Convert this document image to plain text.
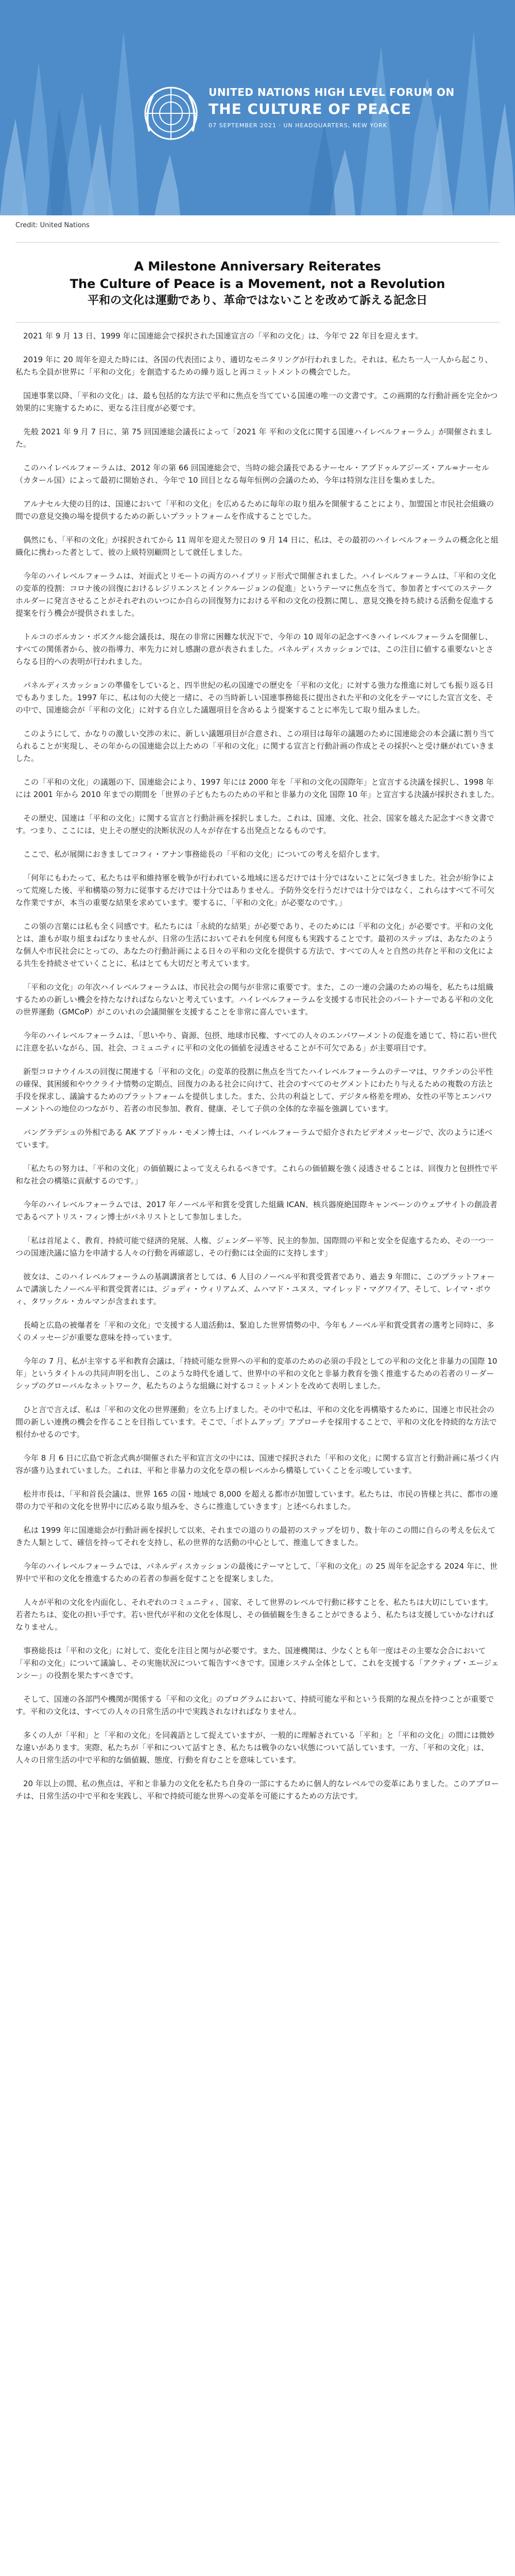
UNITED NATIONS HIGH LEVEL FORUM ON
THE CULTURE OF PEACE
07 SEPTEMBER 2021 · UN HEADQUARTERS, NEW YORK
Credit: United Nations
A Milestone Anniversary Reiterates
The Culture of Peace is a Movement, not a Revolution
平和の文化は運動であり、革命ではないことを改めて訴える記念日

2021 年 9 月 13 日、1999 年に国連総会で採択された国連宣言の「平和の文化」は、今年で 22 年目を迎えます。

2019 年に 20 周年を迎えた時には、各国の代表団により、適切なモニタリングが行われました。それは、私たち一人一人から起こり、私たち全員が世界に「平和の文化」を創造するための繰り返しと再コミットメントの機会でした。

国連事業以降、「平和の文化」は、最も包括的な方法で平和に焦点を当てている国連の唯一の文書です。この画期的な行動計画を完全かつ効果的に実施するために、更なる注目度が必要です。

先般 2021 年 9 月 7 日に、第 75 回国連総会議長によって「2021 年 平和の文化に関する国連ハイレベルフォーラム」が開催されました。

このハイレベルフォーラムは、2012 年の第 66 回国連総会で、当時の総会議長であるナーセル・アブドゥルアジーズ・アル=ナーセル（カタール国）によって最初に開始され、今年で 10 回目となる毎年恒例の会議のため、今年は特別な注目を集めました。

アルナセル大使の目的は、国連において「平和の文化」を広めるために毎年の取り組みを開催することにより、加盟国と市民社会組織の間での意見交換の場を提供するための新しいプラットフォームを作成することでした。

偶然にも、「平和の文化」が採択されてから 11 周年を迎えた翌日の 9 月 14 日に、私は、その最初のハイレベルフォーラムの概念化と組織化に携わった者として、彼の上級特別顧問として就任しました。

今年のハイレベルフォーラムは、対面式とリモートの両方のハイブリッド形式で開催されました。ハイレベルフォーラムは、「平和の文化の変革的役割：コロナ後の回復におけるレジリエンスとインクルージョンの促進」というテーマに焦点を当て、参加者とすべてのステークホルダーに発言させることがそれぞれのいつにか自らの回復努力における平和の文化の役割に関し、意見交換を持ち続ける活動を促進する提案を行う機会が提供されました。

トルコのボルカン・ボズクル総会議長は、現在の非常に困難な状況下で、今年の 10 周年の記念すべきハイレベルフォーラムを開催し、すべての関係者から、彼の指導力、率先力に対し感謝の意が表されました。パネルディスカッションでは、この注目に値する重要ないとさらなる目的への表明が行われました。

パネルディスカッションの準備をしていると、四半世紀の私の国連での歴史を「平和の文化」に対する強力な推進に対しても振り返る日でもありました。1997 年に、私は旬の大使と一緒に、その当時新しい国連事務総長に提出された平和の文化をテーマにした宣言文を、その中で、国連総会が「平和の文化」に対する自立した議題項目を含めるよう提案することに率先して取り組みました。

このようにして、かなりの激しい交渉の末に、新しい議題項目が合意され、この項目は毎年の議題のために国連総会の本会議に割り当てられることが実現し、その年からの国連総会以上ための「平和の文化」に関する宣言と行動計画の作成とその採択へと受け継がれていきました。

この「平和の文化」の議題の下、国連総会により、1997 年には 2000 年を「平和の文化の国際年」と宣言する決議を採択し、1998 年には 2001 年から 2010 年までの期間を「世界の子どもたちのための平和と非暴力の文化 国際 10 年」と宣言する決議が採択されました。

その歴史、国連は「平和の文化」に関する宣言と行動計画を採択しました。これは、国連、文化、社会、国家を越えた記念すべき文書です。つまり、ここには、史上その歴史的決断状況の人々が存在する出発点となるものです。

ここで、私が展開におきましてコフィ・アナン事務総長の「平和の文化」についての考えを紹介します。

「何年にもわたって、私たちは平和維持軍を戦争が行われている地域に送るだけでは十分ではないことに気づきました。社会が紛争によって荒廃した後、平和構築の努力に従事するだけでは十分ではありません。予防外交を行うだけでは十分ではなく、これらはすべて不可欠な作業ですが、本当の重要な結果を求めています。要するに、「平和の文化」が必要なのです。」

この領の言葉には私も全く同感です。私たちには「永続的な結果」が必要であり、そのためには「平和の文化」が必要です。平和の文化とは、誰もが取り組まねばなりませんが、日常の生活においてそれを何度も何度もも実践することです。最初のステップは、あなたのような個人や市民社会にとっての、あなたの行動計画による日々の平和の文化を提供する方法で、すべての人々と自然の共存と平和の文化による共生を持続させていくことに、私はとても大切だと考えています。

「平和の文化」の年次ハイレベルフォーラムは、市民社会の関与が非常に重要です。また、この一連の会議のための場を、私たちは組織するための新しい機会を持たなければならないと考えています。ハイレベルフォーラムを支援する市民社会のパートナーである平和の文化の世界運動（GMCoP）がこのいれの会議開催を支援することを非常に喜んでいます。

今年のハイレベルフォーラムは、「思いやり、資源、包摂、地球市民権、すべての人々のエンパワーメントの促進を通じて、特に若い世代に注意を払いながら、国、社会、コミュニティに平和の文化の価値を浸透させることが不可欠である」が主要項目です。

新型コロナウイルスの回復に関連する「平和の文化」の変革的役割に焦点を当てたハイレベルフォーラムのテーマは、ワクチンの公平性の確保、貧困緩和やウクライナ情勢の定期点、回復力のある社会に向けて、社会のすべてのセグメントにわたり与えるための複数の方法と手段を探求し、議論するためのプラットフォームを提供しました。また、公共の利益として、デジタル格差を埋め、女性の平等とエンパワーメントへの地位のつながり、若者の市民参加、教育、健康、そして子供の全体的な幸福を強調しています。

バングラデシュの外相である AK アブドゥル・モメン博士は、ハイレベルフォーラムで紹介されたビデオメッセージで、次のように述べています。

「私たちの努力は、「平和の文化」の価値観によって支えられるべきです。これらの価値観を強く浸透させることは、回復力と包摂性で平和な社会の構築に貢献するのです。」

今年のハイレベルフォーラムでは、2017 年ノーベル平和賞を受賞した組織 ICAN、核兵器廃絶国際キャンペーンのウェブサイトの創設者であるベアトリス・フィン博士がパネリストとして参加しました。

「私は首尾よく、教育、持続可能で経済的発展、人権、ジェンダー平等、民主的参加、国際間の平和と安全を促進するため、その一つ一つの国連決議に協力を申請する人々の行動を再確認し、その行動には全面的に支持します」

彼女は、このハイレベルフォーラムの基調講演者としては、6 人目のノーベル平和賞受賞者であり、過去 9 年間に、このプラットフォームで講演したノーベル平和賞受賞者には、ジョディ・ウィリアムズ、ムハマド・ユヌス、マイレッド・マグワイア、そして、レイマ・ボウィ、タワックル・カルマンが含まれます。

長崎と広島の被爆者を「平和の文化」で支援する人道活動は、緊迫した世界情勢の中、今年もノーベル平和賞受賞者の選考と同時に、多くのメッセージが重要な意味を持っています。

今年の 7 月、私が主宰する平和教育会議は、「持続可能な世界への平和的変革のための必須の手段としての平和の文化と非暴力の国際 10 年」というタイトルの共同声明を出し、このような時代を通して、世界中の平和の文化と非暴力教育を強く推進するための若者のリーダーシップのグローバルなネットワーク、私たちのような組織に対するコミットメントを改めて表明しました。

ひと言で言えば、私は「平和の文化の世界運動」を立ち上げました。その中で私は、平和の文化を再構築するために、国連と市民社会の間の新しい連携の機会を作ることを目指しています。そこで、「ボトムアップ」アプローチを採用することで、平和の文化を持続的な方法で根付かせるのです。

今年 8 月 6 日に広島で祈念式典が開催された平和宣言文の中には、国連で採択された「平和の文化」に関する宣言と行動計画に基づく内容が盛り込まれていました。これは、平和と非暴力の文化を草の根レベルから構築していくことを示唆しています。

松井市長は、「平和首長会議は、世界 165 の国・地域で 8,000 を超える都市が加盟しています。私たちは、市民の皆様と共に、都市の連帯の力で平和の文化を世界中に広める取り組みを、さらに推進していきます」と述べられました。

私は 1999 年に国連総会が行動計画を採択して以来、それまでの道のりの最初のステップを切り、数十年のこの間に自らの考えを伝えてきた人類として、確信を持ってそれを支持し、私の世界的な活動の中心として、推進してきました。

今年のハイレベルフォーラムでは、パネルディスカッションの最後にテーマとして、「平和の文化」の 25 周年を記念する 2024 年に、世界中で平和の文化を推進するための若者の参画を促すことを提案しました。

人々が平和の文化を内面化し、それぞれのコミュニティ、国家、そして世界のレベルで行動に移すことを、私たちは大切にしています。若者たちは、変化の担い手です。若い世代が平和の文化を体現し、その価値観を生きることができるよう、私たちは支援していかなければなりません。

事務総長は「平和の文化」に対して、変化を注目と関与が必要です。また、国連機関は、少なくとも年一度はその主要な会合において「平和の文化」について議論し、その実施状況について報告すべきです。国連システム全体として、これを支援する「アクティブ・エージェンシー」の役割を果たすべきです。

そして、国連の各部門や機関が関係する「平和の文化」のプログラムにおいて、持続可能な平和という長期的な視点を持つことが重要です。平和の文化は、すべての人々の日常生活の中で実践されなければなりません。

多くの人が「平和」と「平和の文化」を同義語として捉えていますが、一般的に理解されている「平和」と「平和の文化」の間には微妙な違いがあります。実際、私たちが「平和について話すとき、私たちは戦争のない状態について話しています。一方、「平和の文化」は、人々の日常生活の中で平和的な価値観、態度、行動を育むことを意味しています。

20 年以上の間、私の焦点は、平和と非暴力の文化を私たち自身の一部にするために個人的なレベルでの変革にありました。このアプローチは、日常生活の中で平和を実践し、平和で持続可能な世界への変革を可能にするための方法です。
